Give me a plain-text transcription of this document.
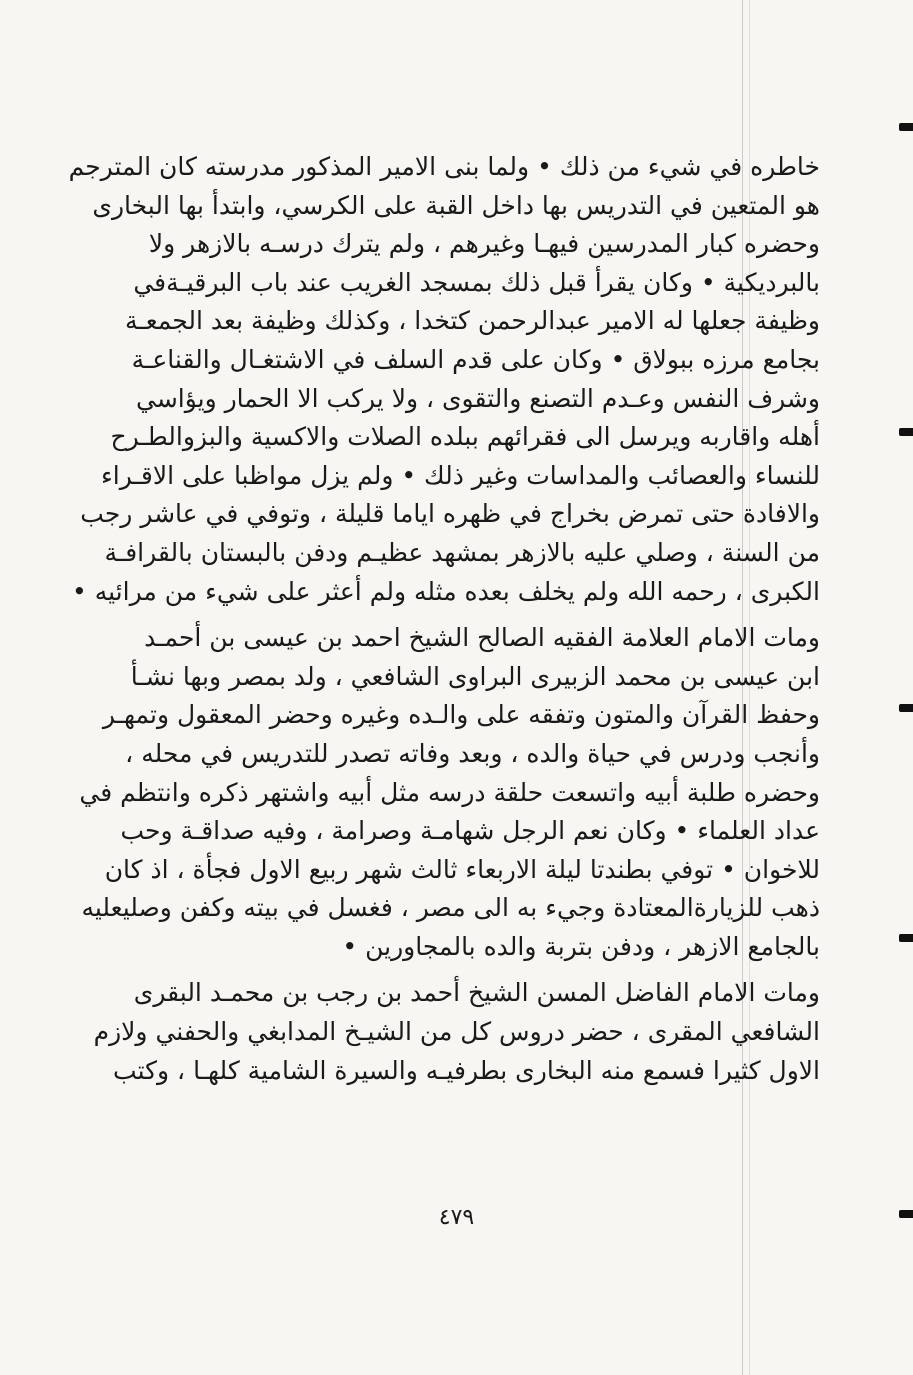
خاطره في شيء من ذلك ‎•‎ ولما بنى الامير المذكور مدرسته كان المترجم
هو المتعين في التدريس بها داخل القبة على الكرسي، وابتدأ بها البخارى
وحضره كبار المدرسين فيهـا وغيرهم ، ولم يترك درسـه بالازهر ولا
بالبرديكية ‎•‎ وكان يقرأ قبل ذلك بمسجد الغريب عند باب البرقيـةفي
وظيفة جعلها له الامير عبدالرحمن كتخدا ، وكذلك وظيفة بعد الجمعـة
بجامع مرزه ببولاق ‎•‎ وكان على قدم السلف في الاشتغـال والقناعـة
وشرف النفس وعـدم التصنع والتقوى ، ولا يركب الا الحمار ويؤاسي
أهله واقاربه ويرسل الى فقرائهم ببلده الصلات والاكسية والبزوالطـرح
للنساء والعصائب والمداسات وغير ذلك ‎•‎ ولم يزل مواظبا على الاقـراء
والافادة حتى تمرض بخراج في ظهره اياما قليلة ، وتوفي في عاشر رجب
من السنة ، وصلي عليه بالازهر بمشهد عظيـم ودفن بالبستان بالقرافـة
الكبرى ، رحمه الله ولم يخلف بعده مثله ولم أعثر على شيء من مرائيه ‎•‎
ومات الامام العلامة الفقيه الصالح الشيخ احمد بن عيسى بن أحمـد
ابن عيسى بن محمد الزبيرى البراوى الشافعي ، ولد بمصر وبها نشـأ
وحفظ القرآن والمتون وتفقه على والـده وغيره وحضر المعقول وتمهـر
وأنجب ودرس في حياة والده ، وبعد وفاته تصدر للتدريس في محله ،
وحضره طلبة أبيه واتسعت حلقة درسه مثل أبيه واشتهر ذكره وانتظم في
عداد العلماء ‎•‎ وكان نعم الرجل شهامـة وصرامة ، وفيه صداقـة وحب
للاخوان ‎•‎ توفي بطندتا ليلة الاربعاء ثالث شهر ربيع الاول فجأة ، اذ كان
ذهب للزيارةالمعتادة وجيء به الى مصر ، فغسل في بيته وكفن وصليعليه
بالجامع الازهر ، ودفن بتربة والده بالمجاورين ‎•‎
ومات الامام الفاضل المسن الشيخ أحمد بن رجب بن محمـد البقرى
الشافعي المقرى ، حضر دروس كل من الشيـخ المدابغي والحفني ولازم
الاول كثيرا فسمع منه البخارى بطرفيـه والسيرة الشامية كلهـا ، وكتب
٤٧٩
